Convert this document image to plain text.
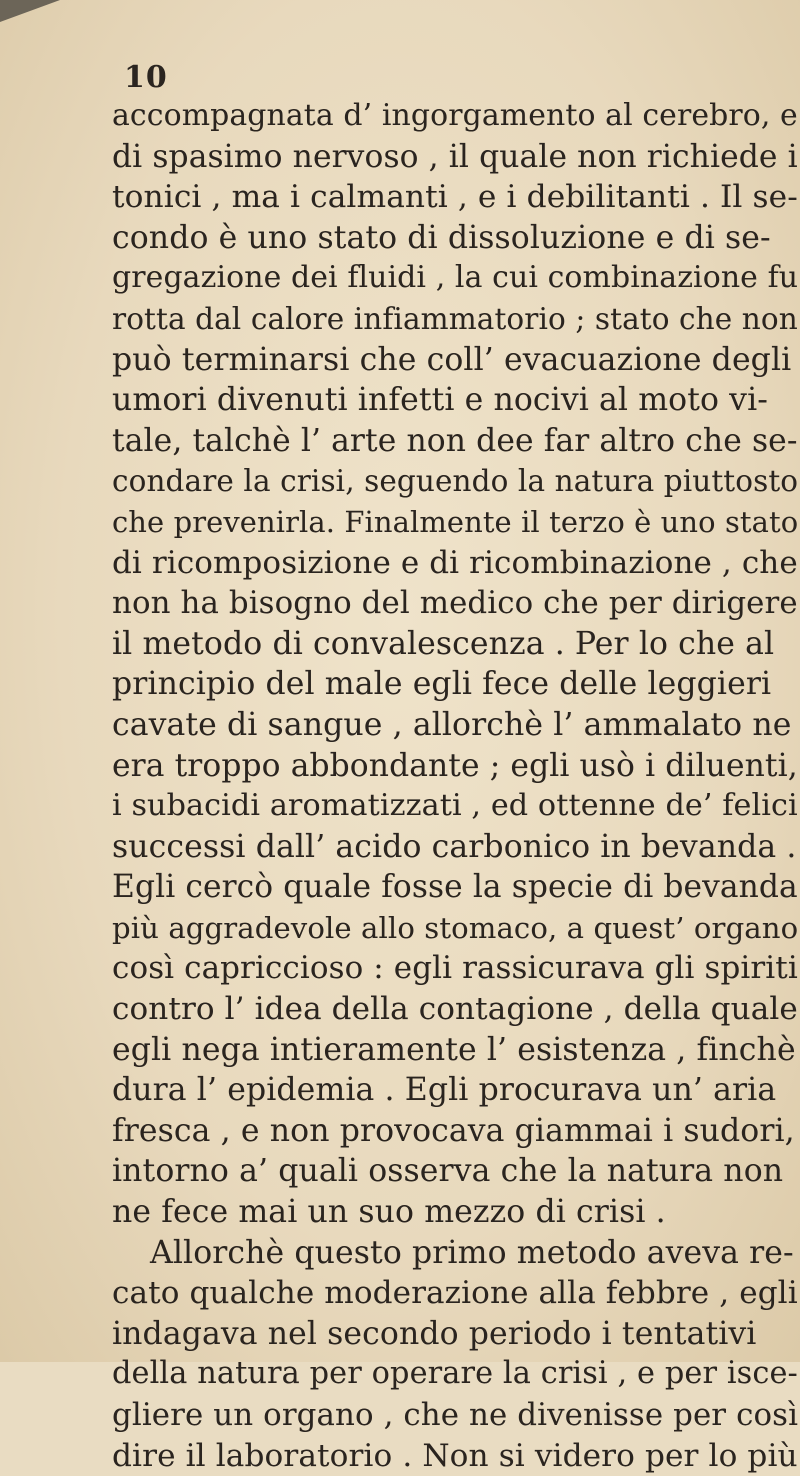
10
accompagnata d’ ingorgamento al cerebro, e
di spasimo nervoso , il quale non richiede i
tonici , ma i calmanti , e i debilitanti . Il se-
condo è uno stato di dissoluzione e di se-
gregazione dei fluidi , la cui combinazione fu
rotta dal calore infiammatorio ; stato che non
può terminarsi che coll’ evacuazione degli
umori divenuti infetti e nocivi al moto vi-
tale, talchè l’ arte non dee far altro che se-
condare la crisi, seguendo la natura piuttosto
che prevenirla. Finalmente il terzo è uno stato
di ricomposizione e di ricombinazione , che
non ha bisogno del medico che per dirigere
il metodo di convalescenza . Per lo che al
principio del male egli fece delle leggieri
cavate di sangue , allorchè l’ ammalato ne
era troppo abbondante ; egli usò i diluenti,
i subacidi aromatizzati , ed ottenne de’ felici
successi dall’ acido carbonico in bevanda .
Egli cercò quale fosse la specie di bevanda
più aggradevole allo stomaco, a quest’ organo
così capriccioso : egli rassicurava gli spiriti
contro l’ idea della contagione , della quale
egli nega intieramente l’ esistenza , finchè
dura l’ epidemia . Egli procurava un’ aria
fresca , e non provocava giammai i sudori,
intorno a’ quali osserva che la natura non
ne fece mai un suo mezzo di crisi .
Allorchè questo primo metodo aveva re-
cato qualche moderazione alla febbre , egli
indagava nel secondo periodo i tentativi
della natura per operare la crisi , e per isce-
gliere un organo , che ne divenisse per così
dire il laboratorio . Non si videro per lo più
